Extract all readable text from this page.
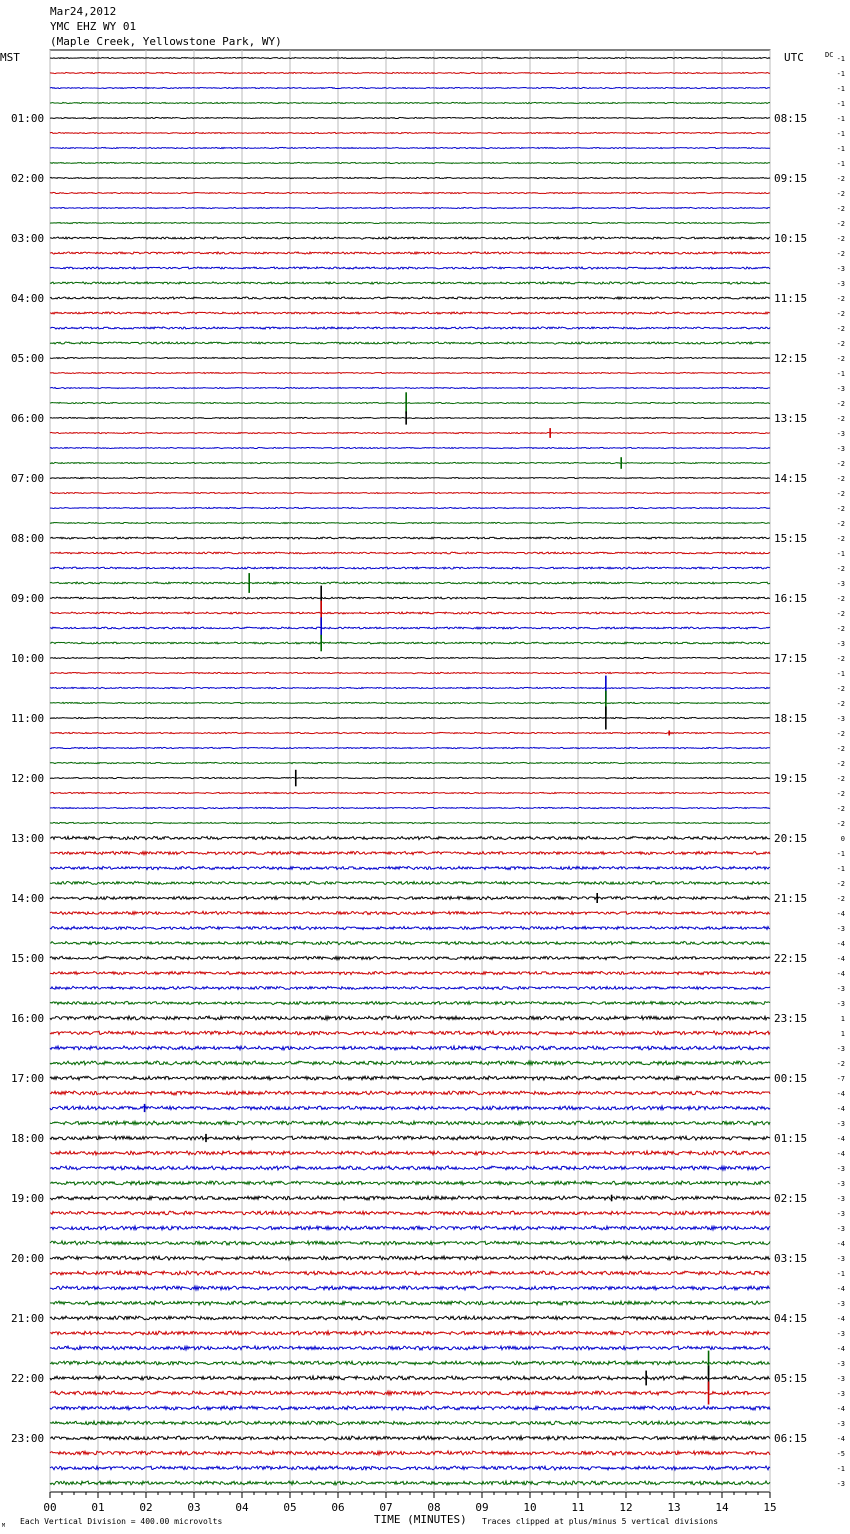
Mar24,2012
YMC EHZ WY 01
(Maple Creek, Yellowstone Park, WY)
00	01	02	03	04	05	06	07	08	09	10	11	12	13	14	15
01:00
02:00
03:00
04:00
05:00
06:00
07:00
08:00
09:00
10:00
11:00
12:00
13:00
14:00
15:00
16:00
17:00
18:00
19:00
20:00
21:00
22:00
23:00
08:15
09:15
10:15
11:15
12:15
13:15
14:15
15:15
16:15
17:15
18:15
19:15
20:15
21:15
22:15
23:15
00:15
01:15
02:15
03:15
04:15
05:15
06:15
-1
-1
-1
-1
-1
-1
-1
-1
-2
-2
-2
-2
-2
-2
-3
-3
-2
-2
-2
-2
-2
-1
-3
-2
-2
-3
-3
-2
-2
-2
-2
-2
-2
-1
-2
-3
-2
-2
-2
-3
-2
-1
-2
-2
-3
-2
-2
-2
-2
-2
-2
-2
0
-1
-1
-2
-2
-4
-3
-4
-4
-4
-3
-3
1
1
-3
-2
-7
-4
-4
-3
-4
-4
-3
-3
-3
-3
-3
-4
-3
-1
-4
-3
-4
-3
-4
-3
-3
-3
-4
-3
-4
-5
-1
-3
MST	UTC	DC
TIME (MINUTES)
Each Vertical Division = 400.00 microvolts	Traces clipped at plus/minus 5 vertical divisions
M
